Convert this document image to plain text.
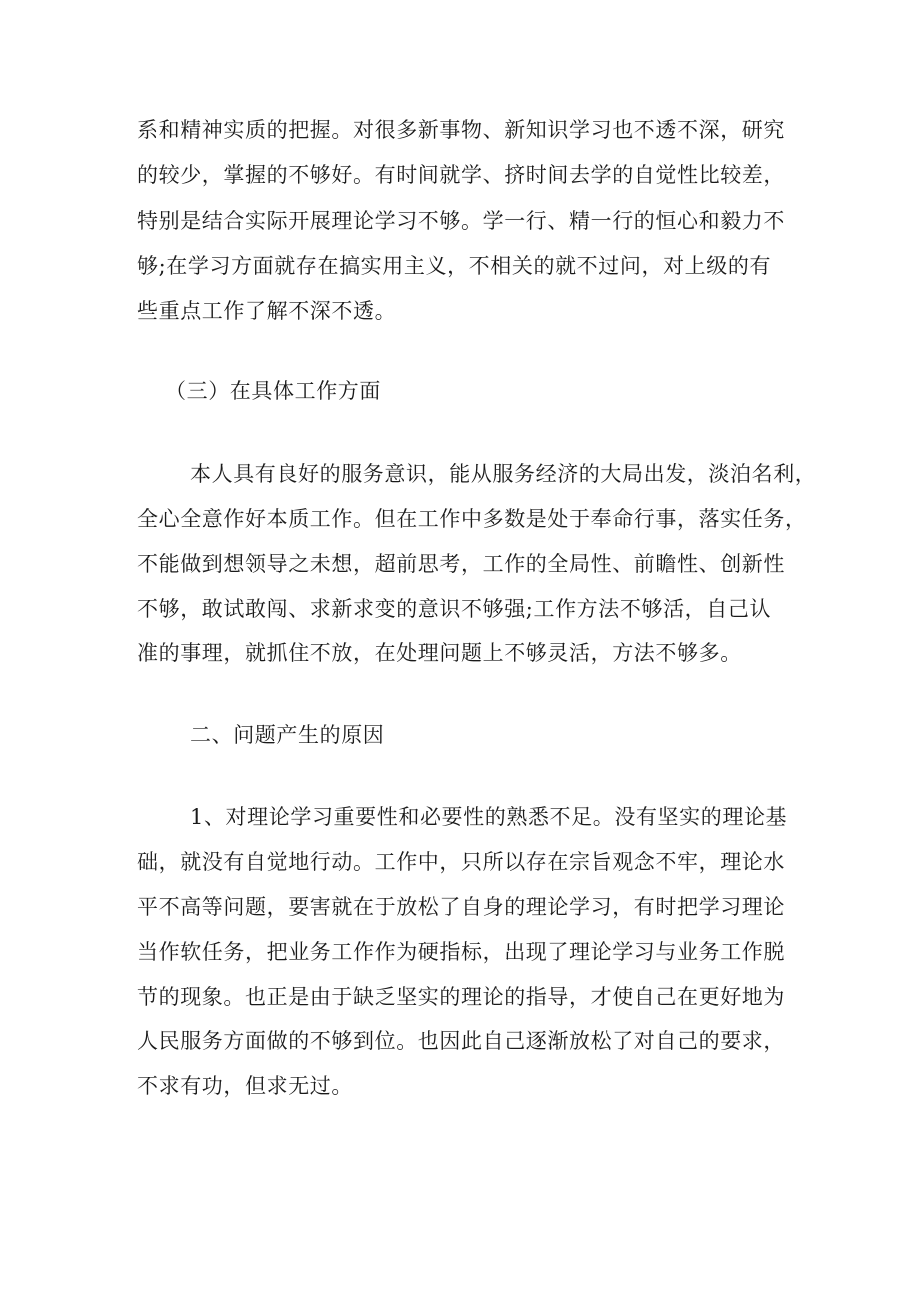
系和精神实质的把握。对很多新事物、新知识学习也不透不深，研究
的较少，掌握的不够好。有时间就学、挤时间去学的自觉性比较差，
特别是结合实际开展理论学习不够。学一行、精一行的恒心和毅力不
够;在学习方面就存在搞实用主义，不相关的就不过问，对上级的有
些重点工作了解不深不透。
（三）在具体工作方面
本人具有良好的服务意识，能从服务经济的大局出发，淡泊名利，
全心全意作好本质工作。但在工作中多数是处于奉命行事，落实任务，
不能做到想领导之未想，超前思考，工作的全局性、前瞻性、创新性
不够，敢试敢闯、求新求变的意识不够强;工作方法不够活，自己认
准的事理，就抓住不放，在处理问题上不够灵活，方法不够多。
二、问题产生的原因
1、对理论学习重要性和必要性的熟悉不足。没有坚实的理论基
础，就没有自觉地行动。工作中，只所以存在宗旨观念不牢，理论水
平不高等问题，要害就在于放松了自身的理论学习，有时把学习理论
当作软任务，把业务工作作为硬指标，出现了理论学习与业务工作脱
节的现象。也正是由于缺乏坚实的理论的指导，才使自己在更好地为
人民服务方面做的不够到位。也因此自己逐渐放松了对自己的要求，
不求有功，但求无过。
